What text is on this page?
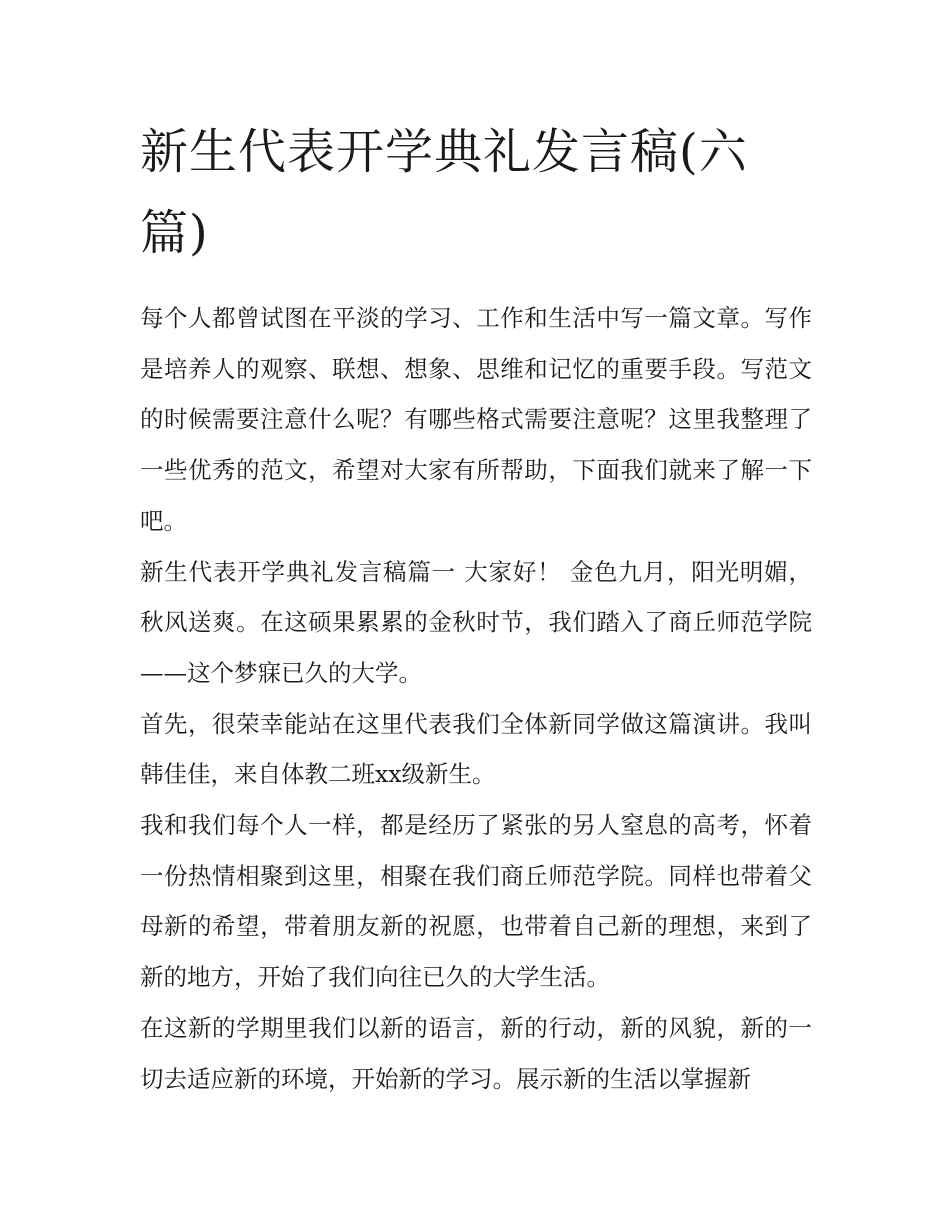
新生代表开学典礼发言稿(六篇)

每个人都曾试图在平淡的学习、工作和生活中写一篇文章。写作是培养人的观察、联想、想象、思维和记忆的重要手段。写范文的时候需要注意什么呢？有哪些格式需要注意呢？这里我整理了一些优秀的范文，希望对大家有所帮助，下面我们就来了解一下吧。

新生代表开学典礼发言稿篇一 大家好！ 金色九月，阳光明媚，秋风送爽。在这硕果累累的金秋时节，我们踏入了商丘师范学院——这个梦寐已久的大学。

首先，很荣幸能站在这里代表我们全体新同学做这篇演讲。我叫韩佳佳，来自体教二班xx级新生。

我和我们每个人一样，都是经历了紧张的另人窒息的高考，怀着一份热情相聚到这里，相聚在我们商丘师范学院。同样也带着父母新的希望，带着朋友新的祝愿，也带着自己新的理想，来到了新的地方，开始了我们向往已久的大学生活。

在这新的学期里我们以新的语言，新的行动，新的风貌，新的一切去适应新的环境，开始新的学习。展示新的生活以掌握新
